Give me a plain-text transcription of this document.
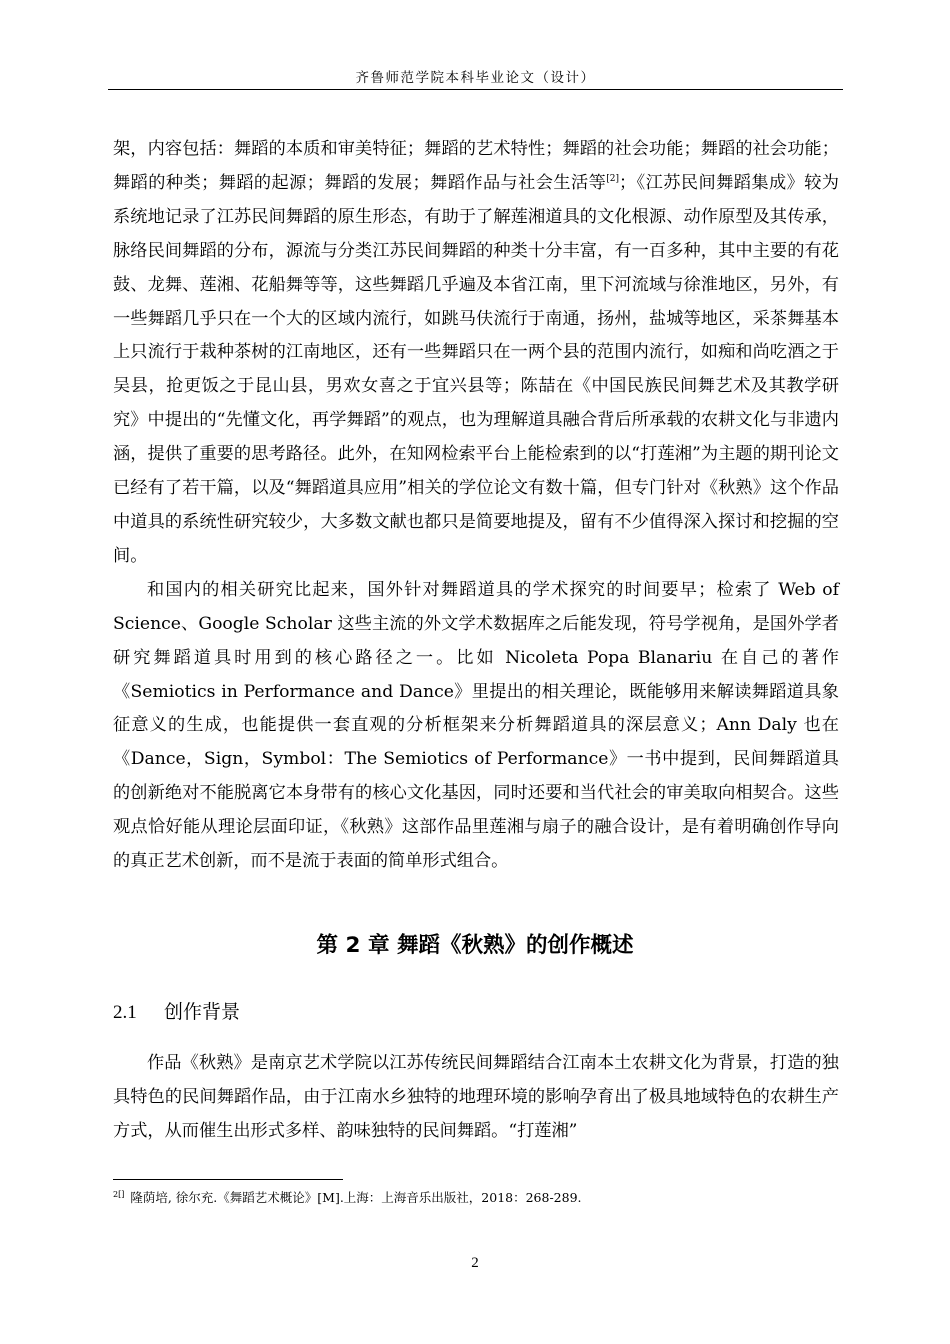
齐鲁师范学院本科毕业论文（设计）

架，内容包括：舞蹈的本质和审美特征；舞蹈的艺术特性；舞蹈的社会功能；舞蹈的社会功能；舞蹈的种类；舞蹈的起源；舞蹈的发展；舞蹈作品与社会生活等[2]；《江苏民间舞蹈集成》较为系统地记录了江苏民间舞蹈的原生形态，有助于了解莲湘道具的文化根源、动作原型及其传承，脉络民间舞蹈的分布，源流与分类江苏民间舞蹈的种类十分丰富，有一百多种，其中主要的有花鼓、龙舞、莲湘、花船舞等等，这些舞蹈几乎遍及本省江南，里下河流域与徐淮地区，另外，有一些舞蹈几乎只在一个大的区域内流行，如跳马伕流行于南通，扬州，盐城等地区，采茶舞基本上只流行于栽种茶树的江南地区，还有一些舞蹈只在一两个县的范围内流行，如痴和尚吃酒之于吴县，抢更饭之于昆山县，男欢女喜之于宜兴县等；陈喆在《中国民族民间舞艺术及其教学研究》中提出的“先懂文化，再学舞蹈”的观点，也为理解道具融合背后所承载的农耕文化与非遗内涵，提供了重要的思考路径。此外，在知网检索平台上能检索到的以“打莲湘”为主题的期刊论文已经有了若干篇，以及“舞蹈道具应用”相关的学位论文有数十篇，但专门针对《秋熟》这个作品中道具的系统性研究较少，大多数文献也都只是简要地提及，留有不少值得深入探讨和挖掘的空间。

和国内的相关研究比起来，国外针对舞蹈道具的学术探究的时间要早；检索了 Web of Science、Google Scholar 这些主流的外文学术数据库之后能发现，符号学视角，是国外学者研究舞蹈道具时用到的核心路径之一。比如 Nicoleta Popa Blanariu 在自己的著作《Semiotics in Performance and Dance》里提出的相关理论，既能够用来解读舞蹈道具象征意义的生成，也能提供一套直观的分析框架来分析舞蹈道具的深层意义；Ann Daly 也在《Dance，Sign，Symbol：The Semiotics of Performance》一书中提到，民间舞蹈道具的创新绝对不能脱离它本身带有的核心文化基因，同时还要和当代社会的审美取向相契合。这些观点恰好能从理论层面印证，《秋熟》这部作品里莲湘与扇子的融合设计，是有着明确创作导向的真正艺术创新，而不是流于表面的简单形式组合。

第 2 章 舞蹈《秋熟》的创作概述
2.1 创作背景

作品《秋熟》是南京艺术学院以江苏传统民间舞蹈结合江南本土农耕文化为背景，打造的独具特色的民间舞蹈作品，由于江南水乡独特的地理环境的影响孕育出了极具地域特色的农耕生产方式，从而催生出形式多样、韵味独特的民间舞蹈。“打莲湘”

$^{2[]}$ 隆荫培, 徐尔充.《舞蹈艺术概论》[M].上海：上海音乐出版社，2018：268-289.
2
